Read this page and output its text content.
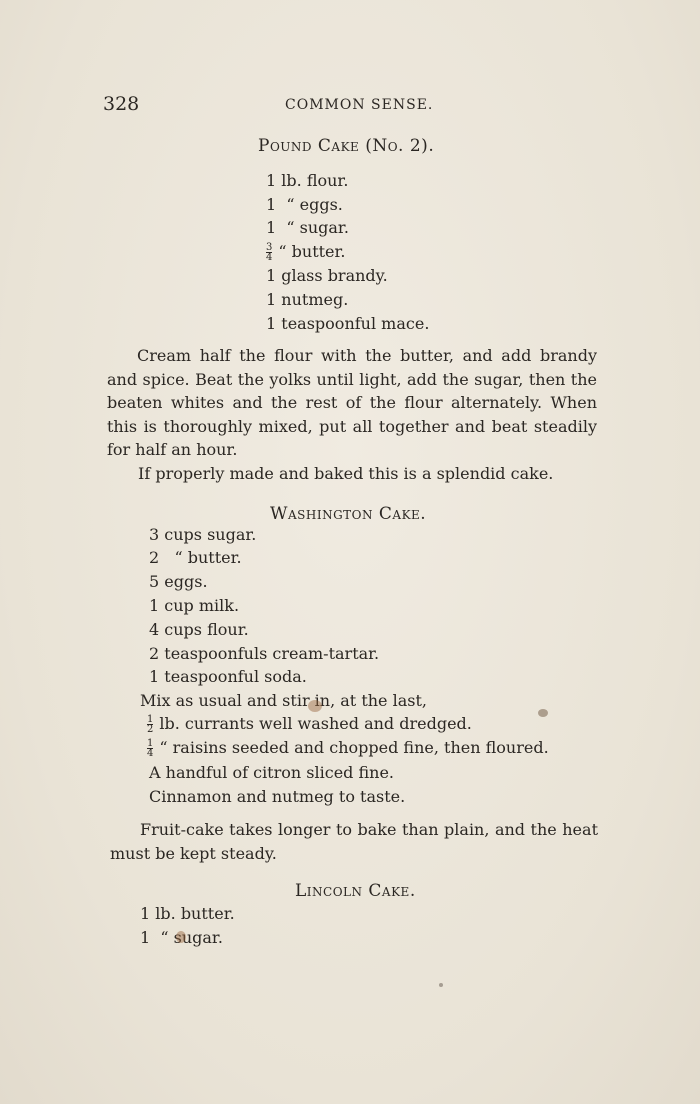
328	COMMON SENSE.
Pound Cake (No. 2).
1 lb. flour.
1 “ eggs.
1 “ sugar.
$\frac{3}{4}$ “ butter.
1 glass brandy.
1 nutmeg.
1 teaspoonful mace.
Cream half the flour with the butter, and add brandy and spice. Beat the yolks until light, add the sugar, then the beaten whites and the rest of the flour alternately. When this is thoroughly mixed, put all together and beat steadily for half an hour.
If properly made and baked this is a splendid cake.
Washington Cake.
3 cups sugar.
2 “ butter.
5 eggs.
1 cup milk.
4 cups flour.
2 teaspoonfuls cream-tartar.
1 teaspoonful soda.
Mix as usual and stir in, at the last,
$\frac{1}{2}$ lb. currants well washed and dredged.
$\frac{1}{4}$ “ raisins seeded and chopped fine, then floured.
A handful of citron sliced fine.
Cinnamon and nutmeg to taste.
Fruit-cake takes longer to bake than plain, and the heat must be kept steady.
Lincoln Cake.
1 lb. butter.
1 “ sugar.
